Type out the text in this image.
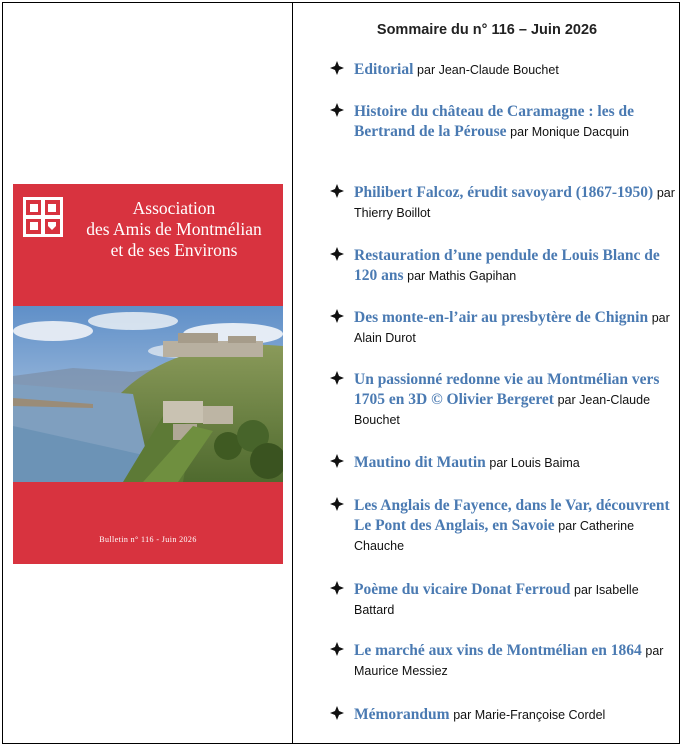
Association
des Amis de Montmélian
et de ses Environs
Bulletin n° 116 - Juin 2026
Sommaire du n° 116 – Juin 2026
Editorial par Jean-Claude Bouchet
Histoire du château de Caramagne : les de Bertrand de la Pérouse par Monique Dacquin
Philibert Falcoz, érudit savoyard (1867-1950) par Thierry Boillot
Restauration d’une pendule de Louis Blanc de 120 ans par Mathis Gapihan
Des monte-en-l’air au presbytère de Chignin par Alain Durot
Un passionné redonne vie au Montmélian vers 1705 en 3D © Olivier Bergeret par Jean-Claude Bouchet
Mautino dit Mautin par Louis Baima
Les Anglais de Fayence, dans le Var, découvrent Le Pont des Anglais, en Savoie par Catherine Chauche
Poème du vicaire Donat Ferroud par Isabelle Battard
Le marché aux vins de Montmélian en 1864 par Maurice Messiez
Mémorandum par Marie-Françoise Cordel
